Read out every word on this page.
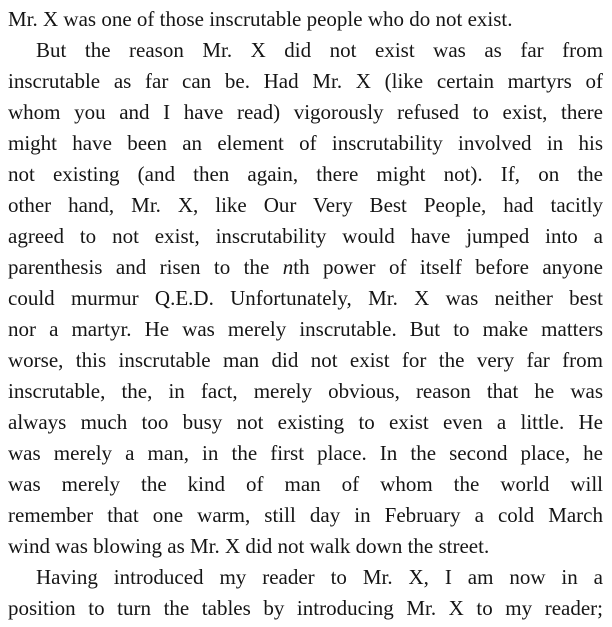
Mr. X was one of those inscrutable people who do not exist.
But the reason Mr. X did not exist was as far from
inscrutable as far can be. Had Mr. X (like certain martyrs of
whom you and I have read) vigorously refused to exist, there
might have been an element of inscrutability involved in his
not existing (and then again, there might not). If, on the
other hand, Mr. X, like Our Very Best People, had tacitly
agreed to not exist, inscrutability would have jumped into a
parenthesis and risen to the nth power of itself before anyone
could murmur Q.E.D. Unfortunately, Mr. X was neither best
nor a martyr. He was merely inscrutable. But to make matters
worse, this inscrutable man did not exist for the very far from
inscrutable, the, in fact, merely obvious, reason that he was
always much too busy not existing to exist even a little. He
was merely a man, in the first place. In the second place, he
was merely the kind of man of whom the world will
remember that one warm, still day in February a cold March
wind was blowing as Mr. X did not walk down the street.
Having introduced my reader to Mr. X, I am now in a
position to turn the tables by introducing Mr. X to my reader;
